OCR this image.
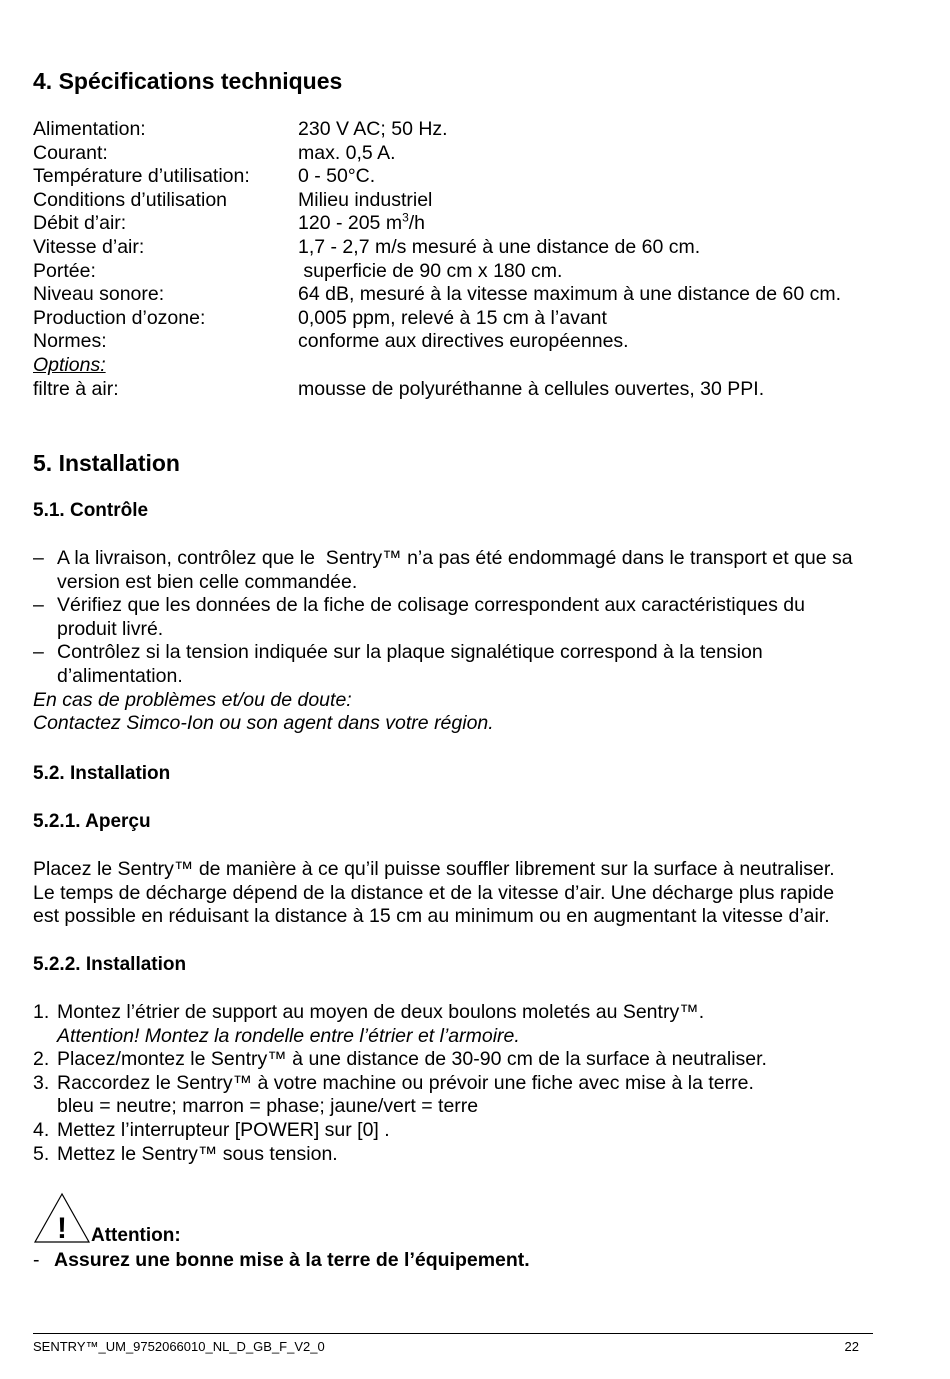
4. Spécifications techniques
Alimentation:	230 V AC; 50 Hz.
Courant:	max. 0,5 A.
Température d’utilisation:	0 - 50°C.
Conditions d’utilisation	Milieu industriel
Débit d’air:	120 - 205 $m^3/h$
Vitesse d’air:	1,7 - 2,7 m/s mesuré à une distance de 60 cm.
Portée:	superficie de 90 cm x 180 cm.
Niveau sonore:	64 dB, mesuré à la vitesse maximum à une distance de 60 cm.
Production d’ozone:	0,005 ppm, relevé à 15 cm à l’avant
Normes:	conforme aux directives européennes.
Options:
filtre à air:	mousse de polyuréthanne à cellules ouvertes, 30 PPI.
5. Installation
5.1. Contrôle
– A la livraison, contrôlez que le  Sentry™ n’a pas été endommagé dans le transport et que sa
version est bien celle commandée.
– Vérifiez que les données de la fiche de colisage correspondent aux caractéristiques du
produit livré.
– Contrôlez si la tension indiquée sur la plaque signalétique correspond à la tension
d’alimentation.

En cas de problèmes et/ou de doute:

Contactez Simco-Ion ou son agent dans votre région.

5.2. Installation
5.2.1. Aperçu

Placez le Sentry™ de manière à ce qu’il puisse souffler librement sur la surface à neutraliser.

Le temps de décharge dépend de la distance et de la vitesse d’air. Une décharge plus rapide

est possible en réduisant la distance à 15 cm au minimum ou en augmentant la vitesse d’air.

5.2.2. Installation
1. Montez l’étrier de support au moyen de deux boulons moletés au Sentry™.
Attention! Montez la rondelle entre l’étrier et l’armoire.
2. Placez/montez le Sentry™ à une distance de 30-90 cm de la surface à neutraliser.
3. Raccordez le Sentry™ à votre machine ou prévoir une fiche avec mise à la terre.
bleu = neutre; marron = phase; jaune/vert = terre
4. Mettez l’interrupteur [POWER] sur [0] .
5. Mettez le Sentry™ sous tension.
! Attention:
- Assurez une bonne mise à la terre de l’équipement.
SENTRY™_UM_9752066010_NL_D_GB_F_V2_0	22
